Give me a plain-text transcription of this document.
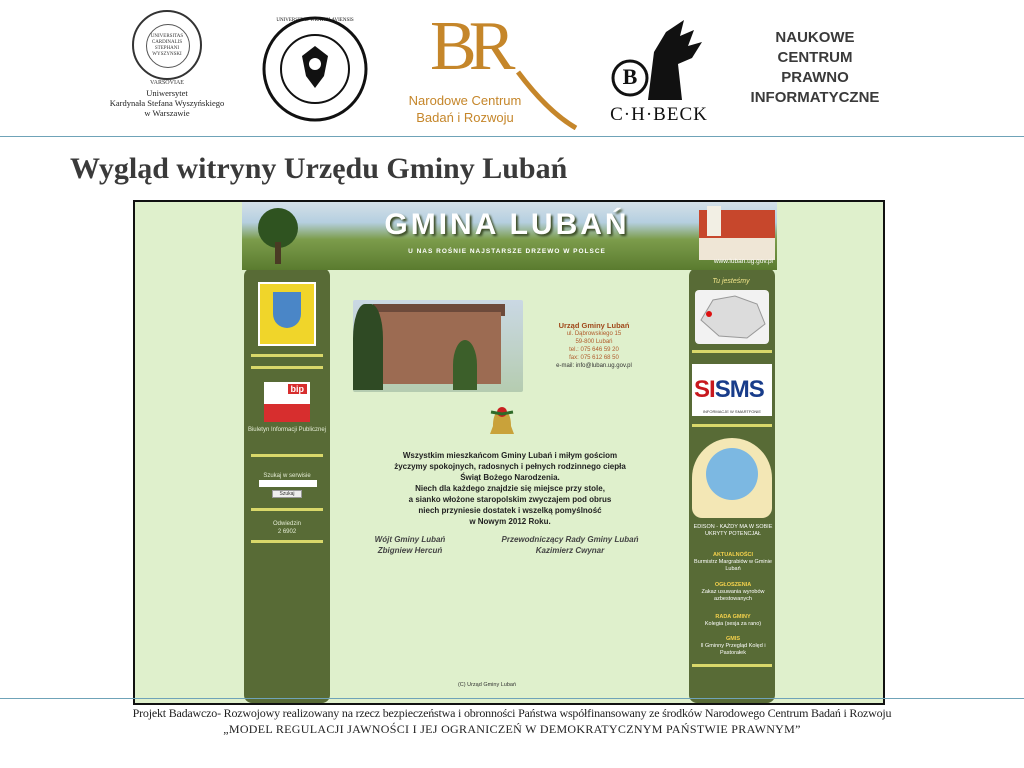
UNIVERSITAS CARDINALIS STEPHANI WYSZYNSKI
VARSOVIAE
Uniwersytet
Kardynała Stefana Wyszyńskiego
w Warszawie
UNIVERSITAS WRATISLAVIENSIS BR
Narodowe Centrum
Badań i Rozwoju
B
C·H·BECK
NAUKOWE
CENTRUM
PRAWNO
INFORMATYCZNE
Wygląd witryny Urzędu Gminy Lubań
GMINA LUBAŃ
U NAS ROŚNIE NAJSTARSZE DRZEWO W POLSCE
www.luban.ug.gov.pl
bip
Biuletyn Informacji Publicznej
Szukaj w serwisie
Szukaj
Odwiedzin
2 6902
Tu jesteśmy
SISMS
INFORMACJE W SMARTFONIE
EDISON - KAŻDY MA W SOBIE UKRYTY POTENCJAŁ
AKTUALNOŚCI
Burmistrz Margrabiów w Gminie Lubań
OGŁOSZENIA
Zakaz usuwania wyrobów azbestowanych
RADA GMINY
Kolegia (sesja za rano)
GMIS
II Gminny Przegląd Kolęd i Pastorałek
Urząd Gminy Lubań
ul. Dąbrowskiego 15
59-800 Lubań
tel.: 075 646 59 20
fax: 075 612 68 50
e-mail: info@luban.ug.gov.pl
Wszystkim mieszkańcom Gminy Lubań i miłym gościom
życzymy spokojnych, radosnych i pełnych rodzinnego ciepła
Świąt Bożego Narodzenia.
Niech dla każdego znajdzie się miejsce przy stole,
a sianko włożone staropolskim zwyczajem pod obrus
niech przyniesie dostatek i wszelką pomyślność
w Nowym 2012 Roku.
Wójt Gminy Lubań
Zbigniew Hercuń
Przewodniczący Rady Gminy Lubań
Kazimierz Cwynar
(C) Urząd Gminy Lubań
Projekt Badawczo- Rozwojowy realizowany na rzecz bezpieczeństwa i obronności Państwa współfinansowany ze środków Narodowego Centrum Badań i Rozwoju
„MODEL REGULACJI JAWNOŚCI I JEJ OGRANICZEŃ W DEMOKRATYCZNYM PAŃSTWIE PRAWNYM”
